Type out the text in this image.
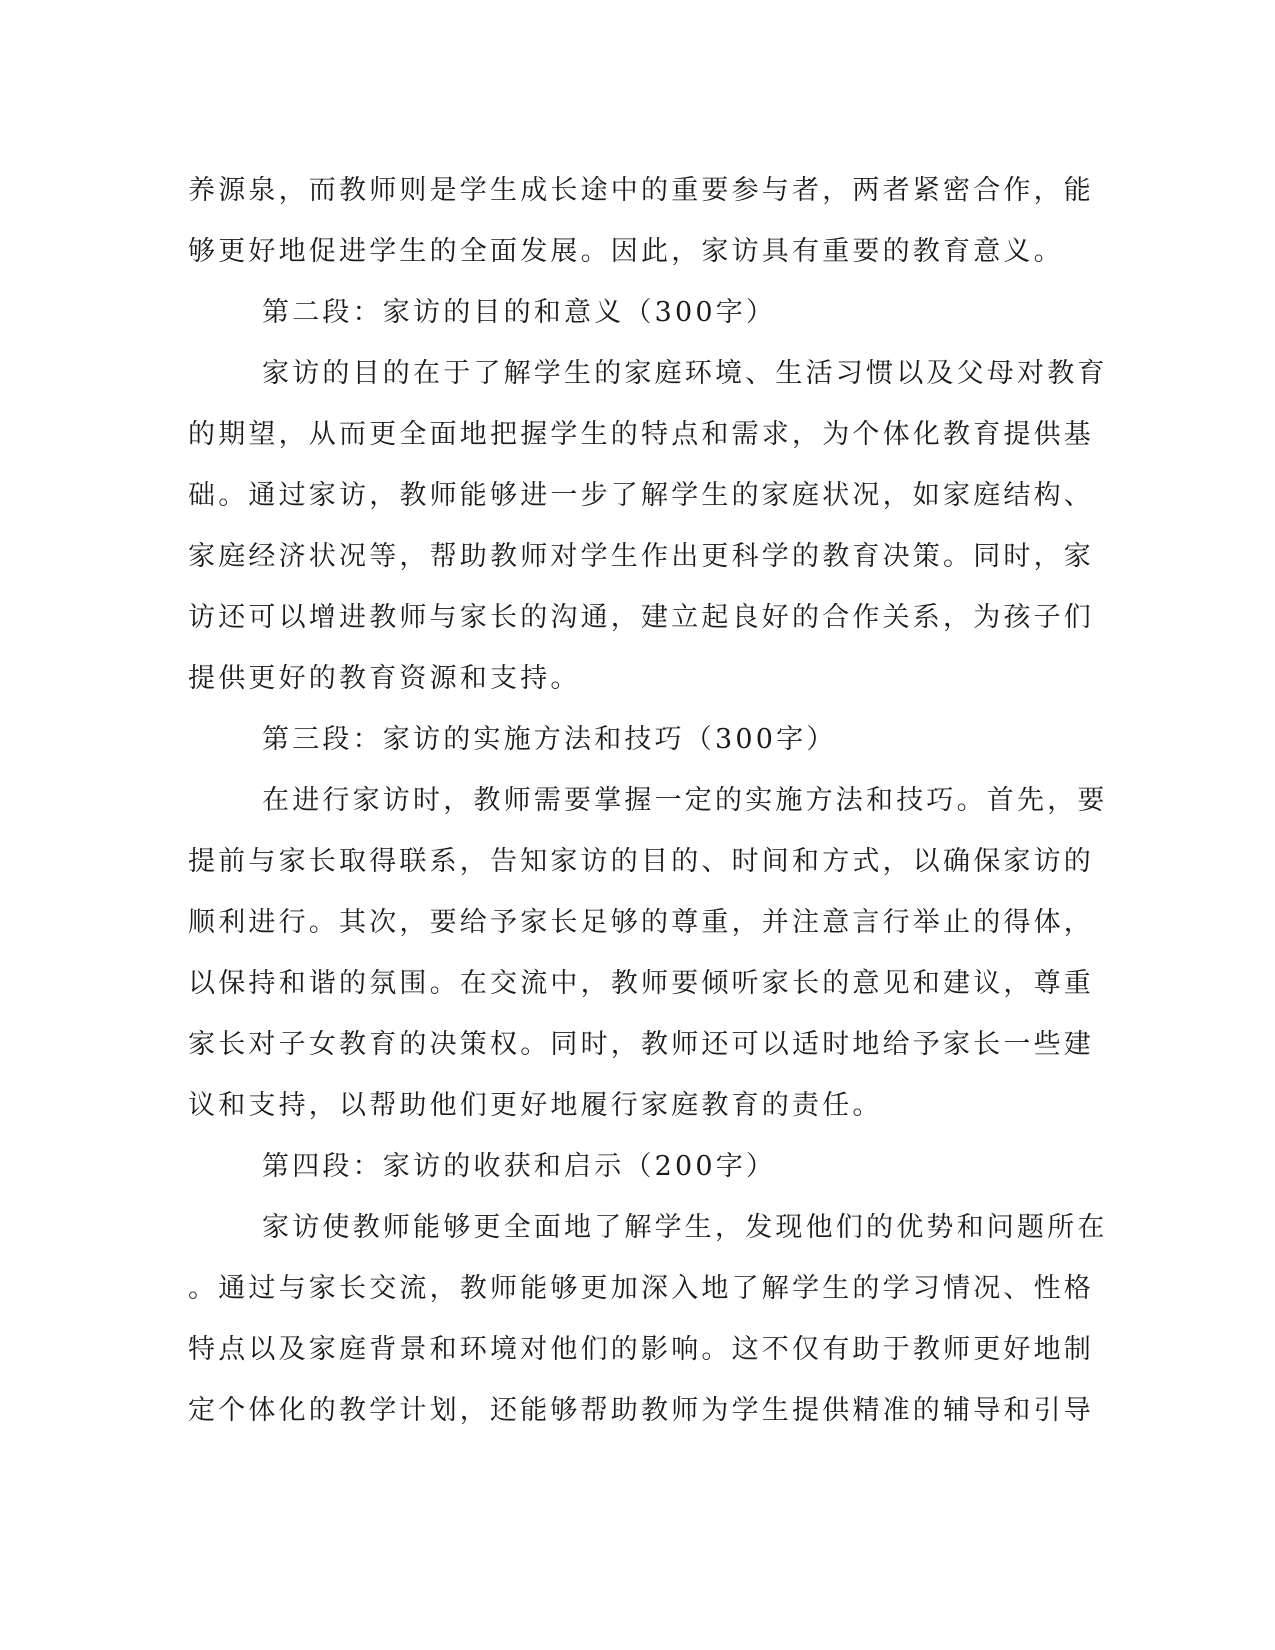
养源泉，而教师则是学生成长途中的重要参与者，两者紧密合作，能
够更好地促进学生的全面发展。因此，家访具有重要的教育意义。
第二段：家访的目的和意义（300字）
家访的目的在于了解学生的家庭环境、生活习惯以及父母对教育
的期望，从而更全面地把握学生的特点和需求，为个体化教育提供基
础。通过家访，教师能够进一步了解学生的家庭状况，如家庭结构、
家庭经济状况等，帮助教师对学生作出更科学的教育决策。同时，家
访还可以增进教师与家长的沟通，建立起良好的合作关系，为孩子们
提供更好的教育资源和支持。
第三段：家访的实施方法和技巧（300字）
在进行家访时，教师需要掌握一定的实施方法和技巧。首先，要
提前与家长取得联系，告知家访的目的、时间和方式，以确保家访的
顺利进行。其次，要给予家长足够的尊重，并注意言行举止的得体，
以保持和谐的氛围。在交流中，教师要倾听家长的意见和建议，尊重
家长对子女教育的决策权。同时，教师还可以适时地给予家长一些建
议和支持，以帮助他们更好地履行家庭教育的责任。
第四段：家访的收获和启示（200字）
家访使教师能够更全面地了解学生，发现他们的优势和问题所在
。通过与家长交流，教师能够更加深入地了解学生的学习情况、性格
特点以及家庭背景和环境对他们的影响。这不仅有助于教师更好地制
定个体化的教学计划，还能够帮助教师为学生提供精准的辅导和引导
